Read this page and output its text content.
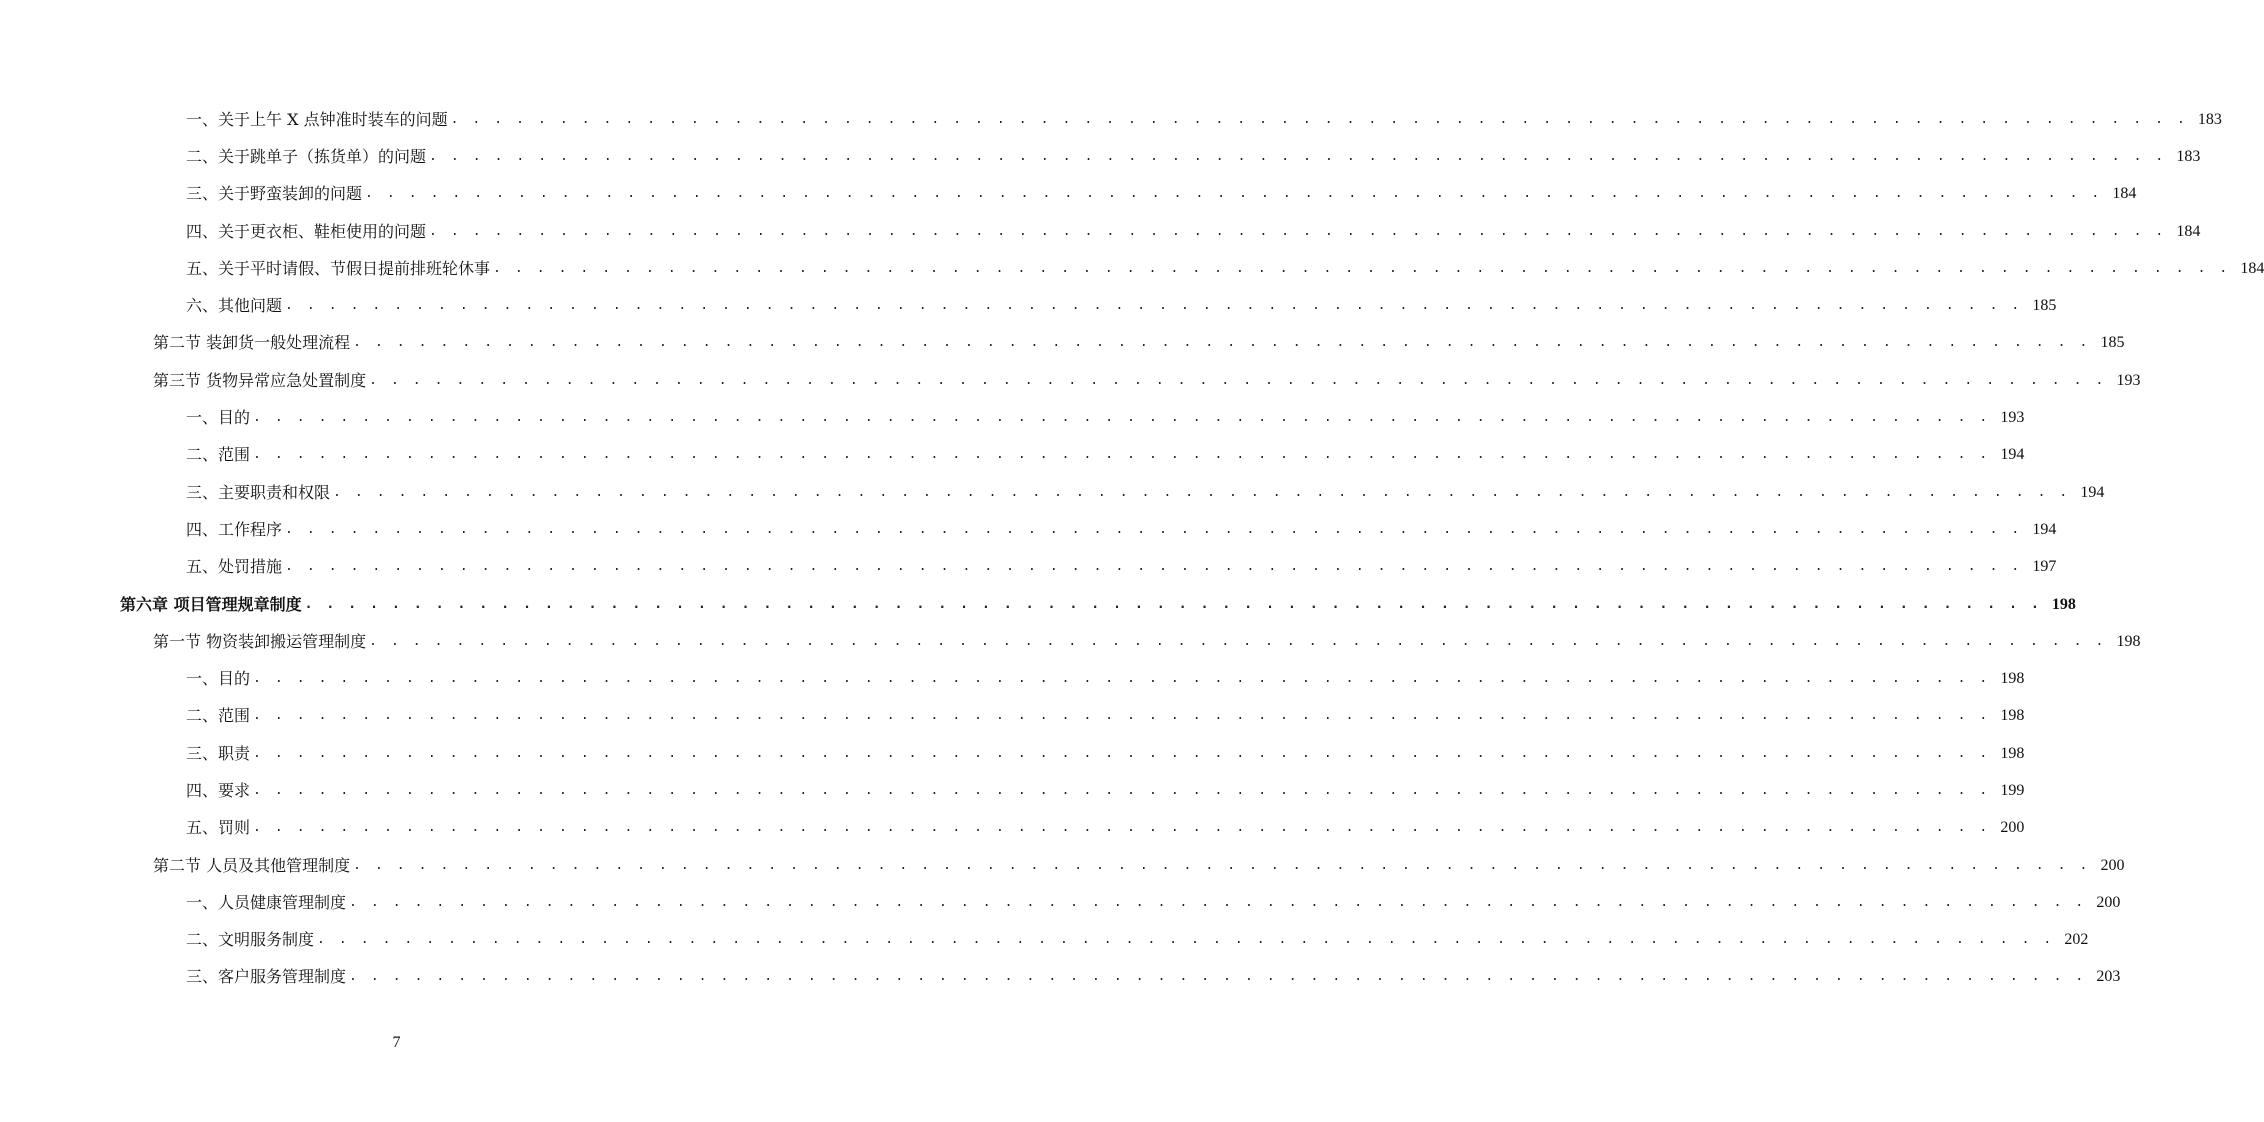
一、关于上午 X 点钟准时装车的问题 . . . . . . . . . . . . . . . . . . . . . . . . . . . . . . . . . . . . . . . . . . . . . . . . . . . . . . . . . . . . . . . . . . . . . . . . . . . . . . . . 183
二、关于跳单子（拣货单）的问题 . . . . . . . . . . . . . . . . . . . . . . . . . . . . . . . . . . . . . . . . . . . . . . . . . . . . . . . . . . . . . . . . . . . . . . . . . . . . . . . . 183
三、关于野蛮装卸的问题 . . . . . . . . . . . . . . . . . . . . . . . . . . . . . . . . . . . . . . . . . . . . . . . . . . . . . . . . . . . . . . . . . . . . . . . . . . . . . . . . 184
四、关于更衣柜、鞋柜使用的问题 . . . . . . . . . . . . . . . . . . . . . . . . . . . . . . . . . . . . . . . . . . . . . . . . . . . . . . . . . . . . . . . . . . . . . . . . . . . . . . . . 184
五、关于平时请假、节假日提前排班轮休事 . . . . . . . . . . . . . . . . . . . . . . . . . . . . . . . . . . . . . . . . . . . . . . . . . . . . . . . . . . . . . . . . . . . . . . . . . . . . . . . . 184
六、其他问题 . . . . . . . . . . . . . . . . . . . . . . . . . . . . . . . . . . . . . . . . . . . . . . . . . . . . . . . . . . . . . . . . . . . . . . . . . . . . . . . . 185
第二节 装卸货一般处理流程 . . . . . . . . . . . . . . . . . . . . . . . . . . . . . . . . . . . . . . . . . . . . . . . . . . . . . . . . . . . . . . . . . . . . . . . . . . . . . . . . 185
第三节 货物异常应急处置制度 . . . . . . . . . . . . . . . . . . . . . . . . . . . . . . . . . . . . . . . . . . . . . . . . . . . . . . . . . . . . . . . . . . . . . . . . . . . . . . . . 193
一、目的 . . . . . . . . . . . . . . . . . . . . . . . . . . . . . . . . . . . . . . . . . . . . . . . . . . . . . . . . . . . . . . . . . . . . . . . . . . . . . . . . 193
二、范围 . . . . . . . . . . . . . . . . . . . . . . . . . . . . . . . . . . . . . . . . . . . . . . . . . . . . . . . . . . . . . . . . . . . . . . . . . . . . . . . . 194
三、主要职责和权限 . . . . . . . . . . . . . . . . . . . . . . . . . . . . . . . . . . . . . . . . . . . . . . . . . . . . . . . . . . . . . . . . . . . . . . . . . . . . . . . . 194
四、工作程序 . . . . . . . . . . . . . . . . . . . . . . . . . . . . . . . . . . . . . . . . . . . . . . . . . . . . . . . . . . . . . . . . . . . . . . . . . . . . . . . . 194
五、处罚措施 . . . . . . . . . . . . . . . . . . . . . . . . . . . . . . . . . . . . . . . . . . . . . . . . . . . . . . . . . . . . . . . . . . . . . . . . . . . . . . . . 197
第六章 项目管理规章制度 . . . . . . . . . . . . . . . . . . . . . . . . . . . . . . . . . . . . . . . . . . . . . . . . . . . . . . . . . . . . . . . . . . . . . . . . . . . . . . . . 198
第一节 物资装卸搬运管理制度 . . . . . . . . . . . . . . . . . . . . . . . . . . . . . . . . . . . . . . . . . . . . . . . . . . . . . . . . . . . . . . . . . . . . . . . . . . . . . . . . 198
一、目的 . . . . . . . . . . . . . . . . . . . . . . . . . . . . . . . . . . . . . . . . . . . . . . . . . . . . . . . . . . . . . . . . . . . . . . . . . . . . . . . . 198
二、范围 . . . . . . . . . . . . . . . . . . . . . . . . . . . . . . . . . . . . . . . . . . . . . . . . . . . . . . . . . . . . . . . . . . . . . . . . . . . . . . . . 198
三、职责 . . . . . . . . . . . . . . . . . . . . . . . . . . . . . . . . . . . . . . . . . . . . . . . . . . . . . . . . . . . . . . . . . . . . . . . . . . . . . . . . 198
四、要求 . . . . . . . . . . . . . . . . . . . . . . . . . . . . . . . . . . . . . . . . . . . . . . . . . . . . . . . . . . . . . . . . . . . . . . . . . . . . . . . . 199
五、罚则 . . . . . . . . . . . . . . . . . . . . . . . . . . . . . . . . . . . . . . . . . . . . . . . . . . . . . . . . . . . . . . . . . . . . . . . . . . . . . . . . 200
第二节 人员及其他管理制度 . . . . . . . . . . . . . . . . . . . . . . . . . . . . . . . . . . . . . . . . . . . . . . . . . . . . . . . . . . . . . . . . . . . . . . . . . . . . . . . . 200
一、人员健康管理制度 . . . . . . . . . . . . . . . . . . . . . . . . . . . . . . . . . . . . . . . . . . . . . . . . . . . . . . . . . . . . . . . . . . . . . . . . . . . . . . . . 200
二、文明服务制度 . . . . . . . . . . . . . . . . . . . . . . . . . . . . . . . . . . . . . . . . . . . . . . . . . . . . . . . . . . . . . . . . . . . . . . . . . . . . . . . . 202
三、客户服务管理制度 . . . . . . . . . . . . . . . . . . . . . . . . . . . . . . . . . . . . . . . . . . . . . . . . . . . . . . . . . . . . . . . . . . . . . . . . . . . . . . . . 203
7
